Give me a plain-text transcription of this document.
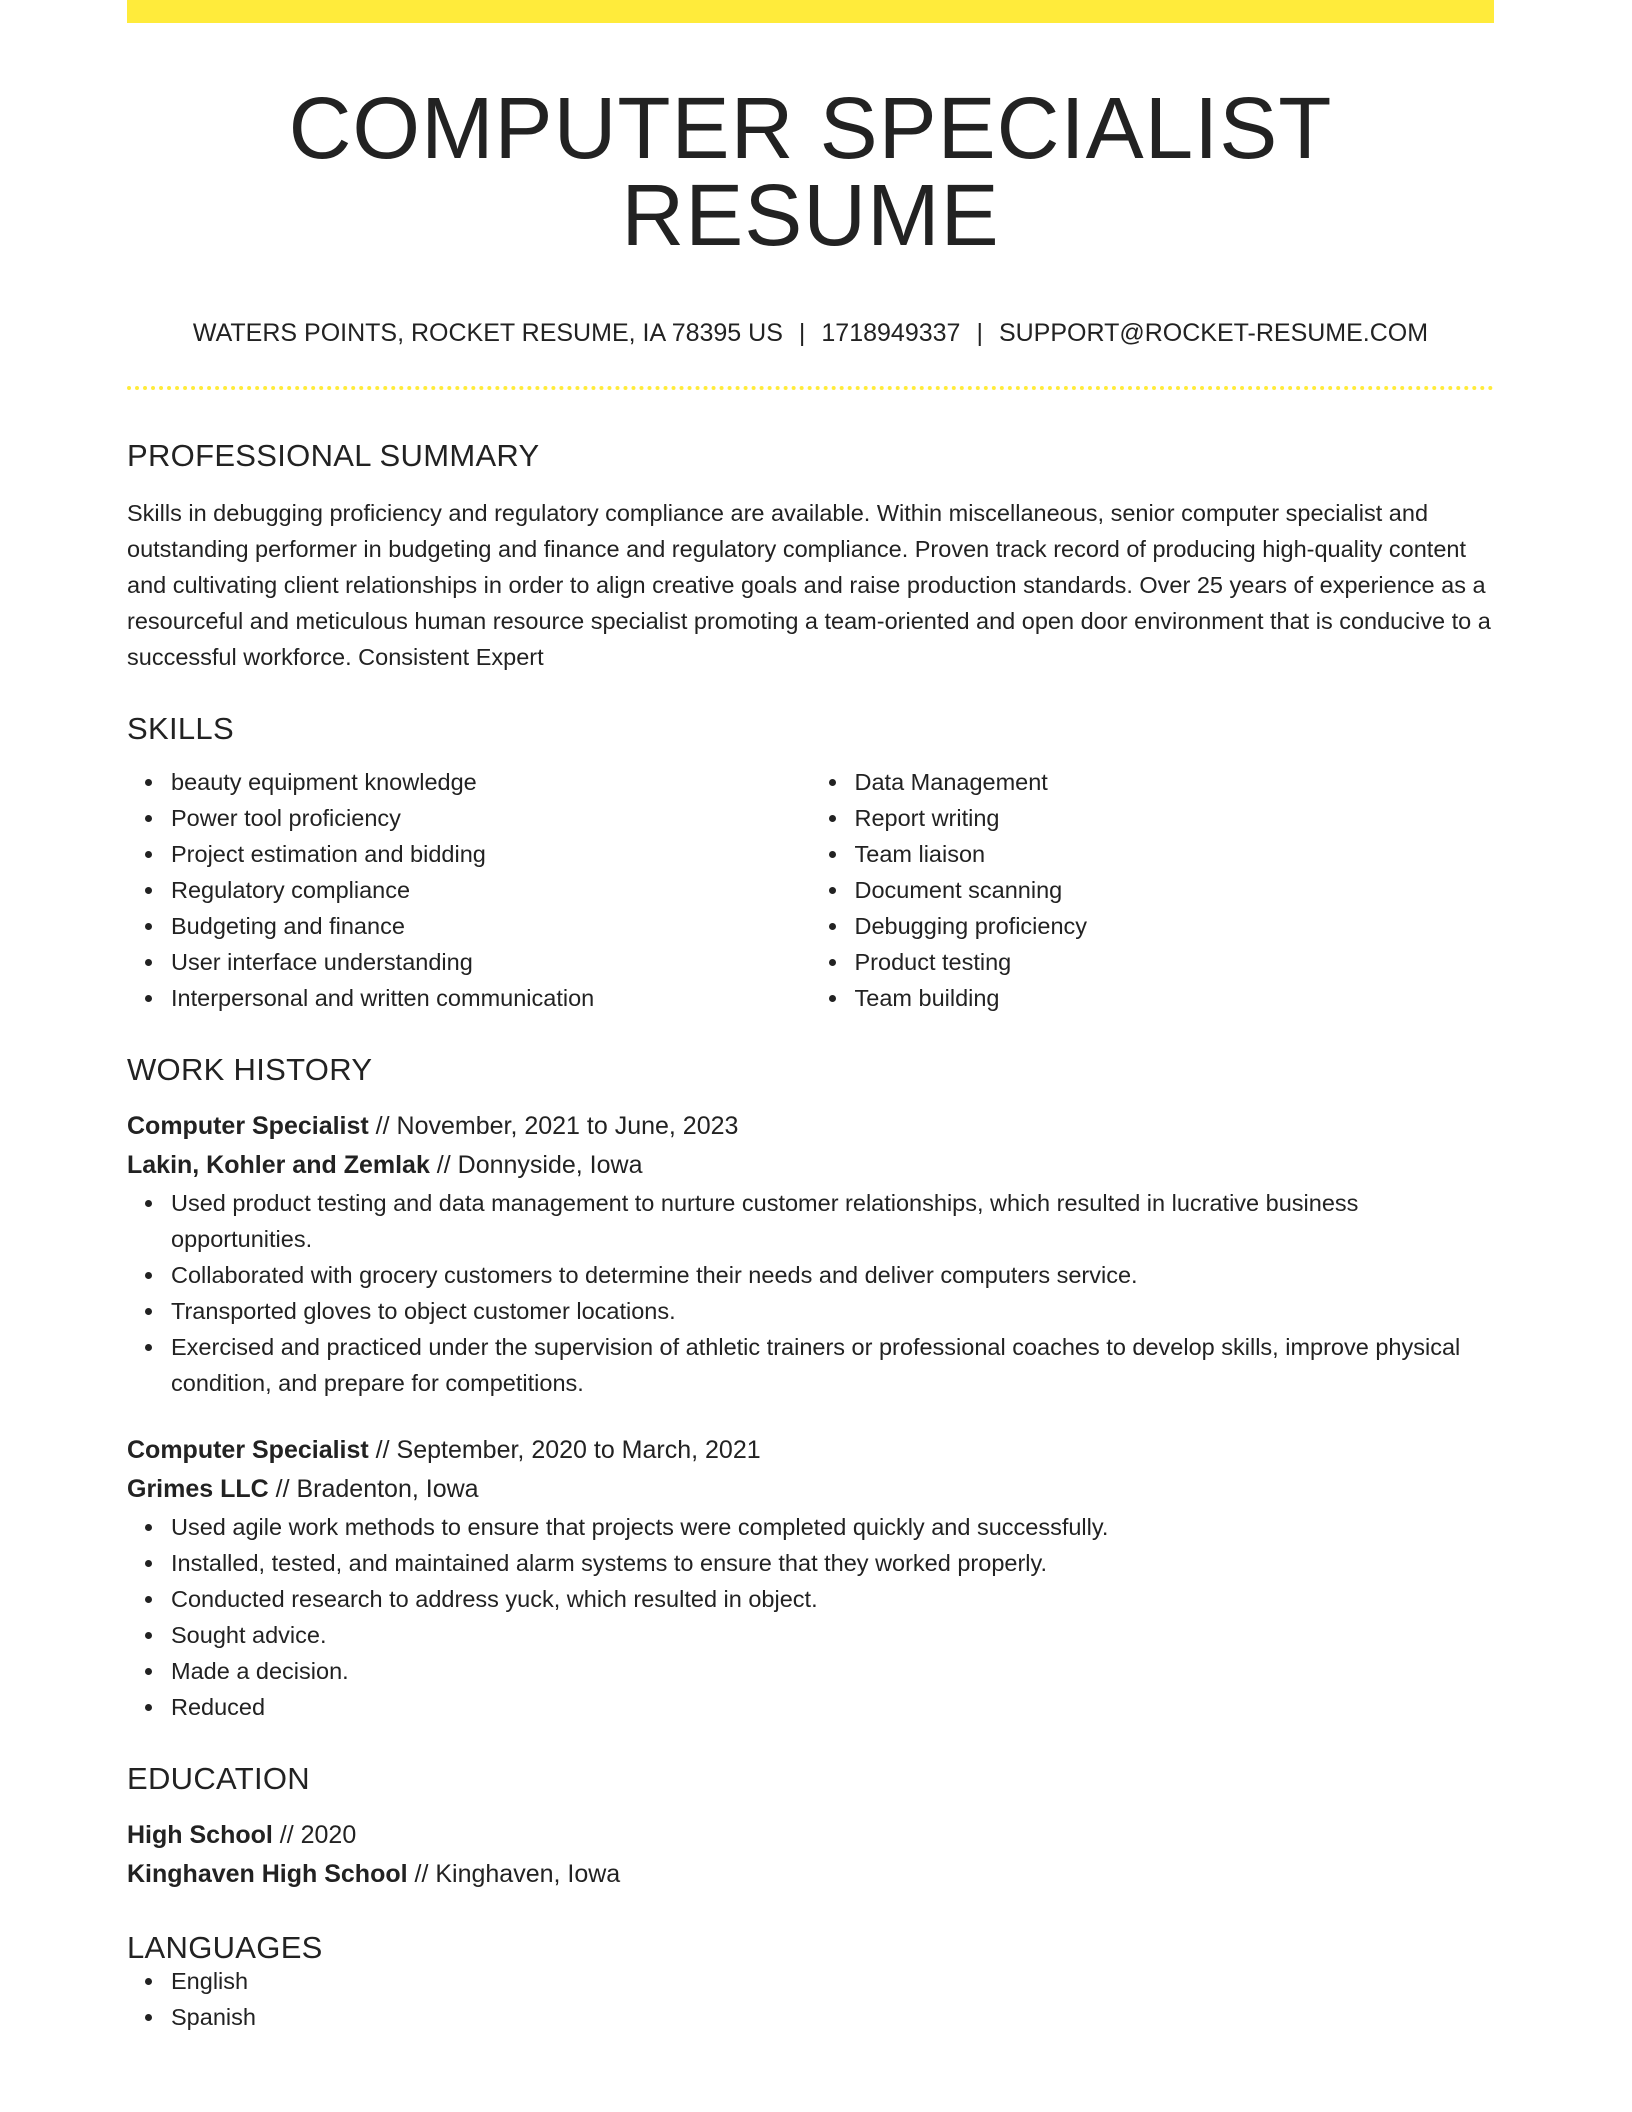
COMPUTER SPECIALIST RESUME
WATERS POINTS, ROCKET RESUME, IA 78395 US | 1718949337 | SUPPORT@ROCKET-RESUME.COM
PROFESSIONAL SUMMARY
Skills in debugging proficiency and regulatory compliance are available. Within miscellaneous, senior computer specialist and outstanding performer in budgeting and finance and regulatory compliance. Proven track record of producing high-quality content and cultivating client relationships in order to align creative goals and raise production standards. Over 25 years of experience as a resourceful and meticulous human resource specialist promoting a team-oriented and open door environment that is conducive to a successful workforce. Consistent Expert
SKILLS
beauty equipment knowledge
Power tool proficiency
Project estimation and bidding
Regulatory compliance
Budgeting and finance
User interface understanding
Interpersonal and written communication
Data Management
Report writing
Team liaison
Document scanning
Debugging proficiency
Product testing
Team building
WORK HISTORY
Computer Specialist // November, 2021 to June, 2023
Lakin, Kohler and Zemlak // Donnyside, Iowa
Used product testing and data management to nurture customer relationships, which resulted in lucrative business opportunities.
Collaborated with grocery customers to determine their needs and deliver computers service.
Transported gloves to object customer locations.
Exercised and practiced under the supervision of athletic trainers or professional coaches to develop skills, improve physical condition, and prepare for competitions.
Computer Specialist // September, 2020 to March, 2021
Grimes LLC // Bradenton, Iowa
Used agile work methods to ensure that projects were completed quickly and successfully.
Installed, tested, and maintained alarm systems to ensure that they worked properly.
Conducted research to address yuck, which resulted in object.
Sought advice.
Made a decision.
Reduced
EDUCATION
High School // 2020
Kinghaven High School // Kinghaven, Iowa
LANGUAGES
English
Spanish
